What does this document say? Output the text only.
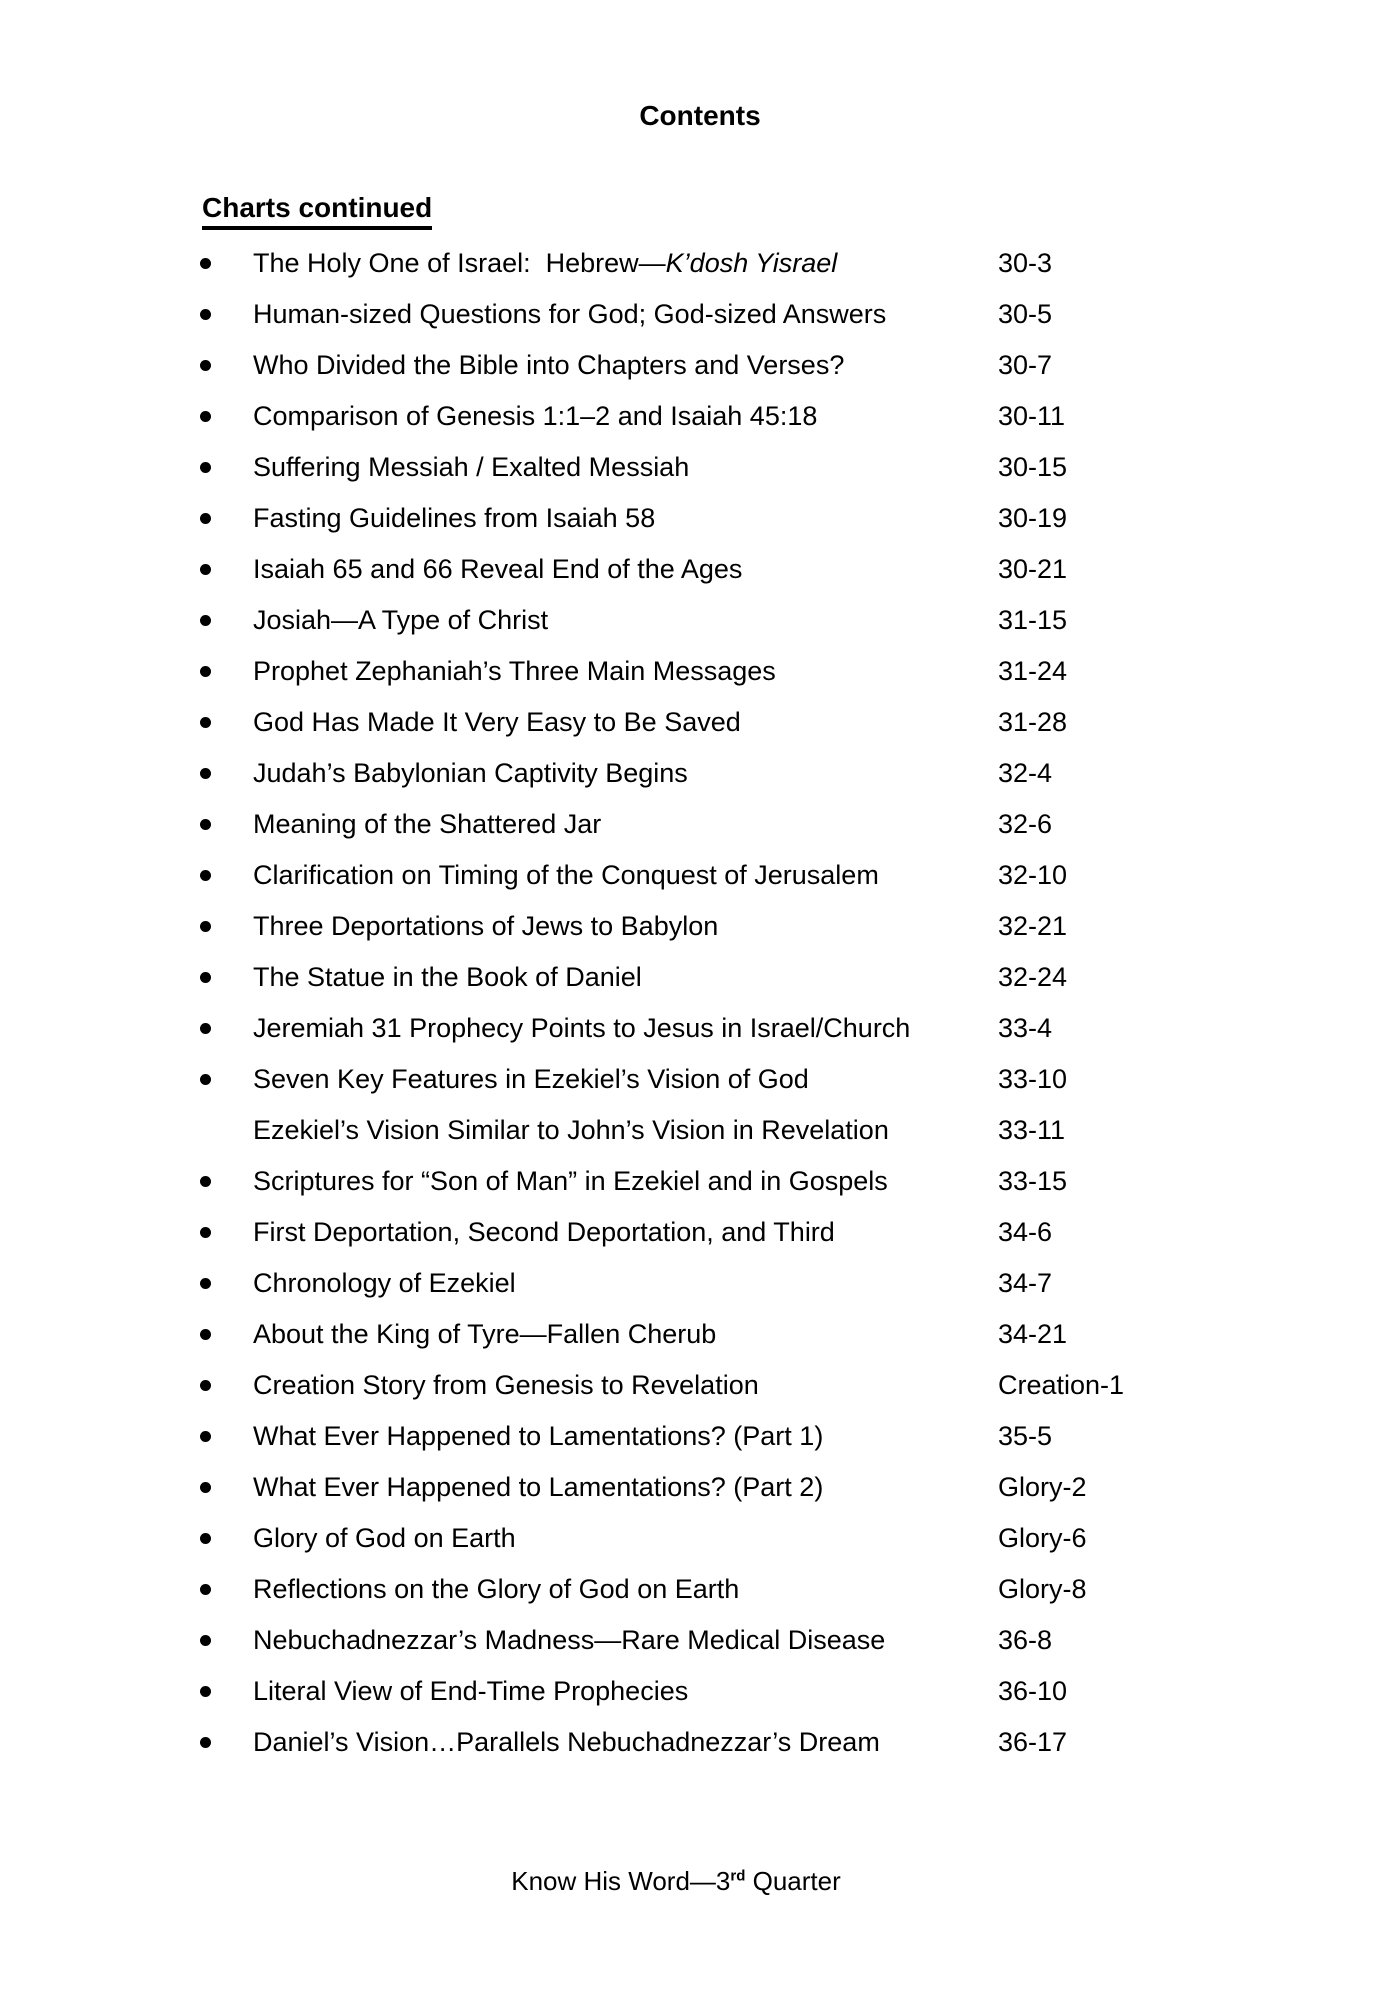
Contents
Charts continued
The Holy One of Israel:  Hebrew—K’dosh Yisrael	30-3
Human-sized Questions for God; God-sized Answers	30-5
Who Divided the Bible into Chapters and Verses?	30-7
Comparison of Genesis 1:1–2 and Isaiah 45:18	30-11
Suffering Messiah / Exalted Messiah	30-15
Fasting Guidelines from Isaiah 58	30-19
Isaiah 65 and 66 Reveal End of the Ages	30-21
Josiah—A Type of Christ	31-15
Prophet Zephaniah’s Three Main Messages	31-24
God Has Made It Very Easy to Be Saved	31-28
Judah’s Babylonian Captivity Begins	32-4
Meaning of the Shattered Jar	32-6
Clarification on Timing of the Conquest of Jerusalem	32-10
Three Deportations of Jews to Babylon	32-21
The Statue in the Book of Daniel	32-24
Jeremiah 31 Prophecy Points to Jesus in Israel/Church	33-4
Seven Key Features in Ezekiel’s Vision of God	33-10
Ezekiel’s Vision Similar to John’s Vision in Revelation	33-11
Scriptures for “Son of Man” in Ezekiel and in Gospels	33-15
First Deportation, Second Deportation, and Third	34-6
Chronology of Ezekiel	34-7
About the King of Tyre—Fallen Cherub	34-21
Creation Story from Genesis to Revelation	Creation-1
What Ever Happened to Lamentations? (Part 1)	35-5
What Ever Happened to Lamentations? (Part 2)	Glory-2
Glory of God on Earth	Glory-6
Reflections on the Glory of God on Earth	Glory-8
Nebuchadnezzar’s Madness—Rare Medical Disease	36-8
Literal View of End-Time Prophecies	36-10
Daniel’s Vision…Parallels Nebuchadnezzar’s Dream	36-17
Know His Word—3rd Quarter
